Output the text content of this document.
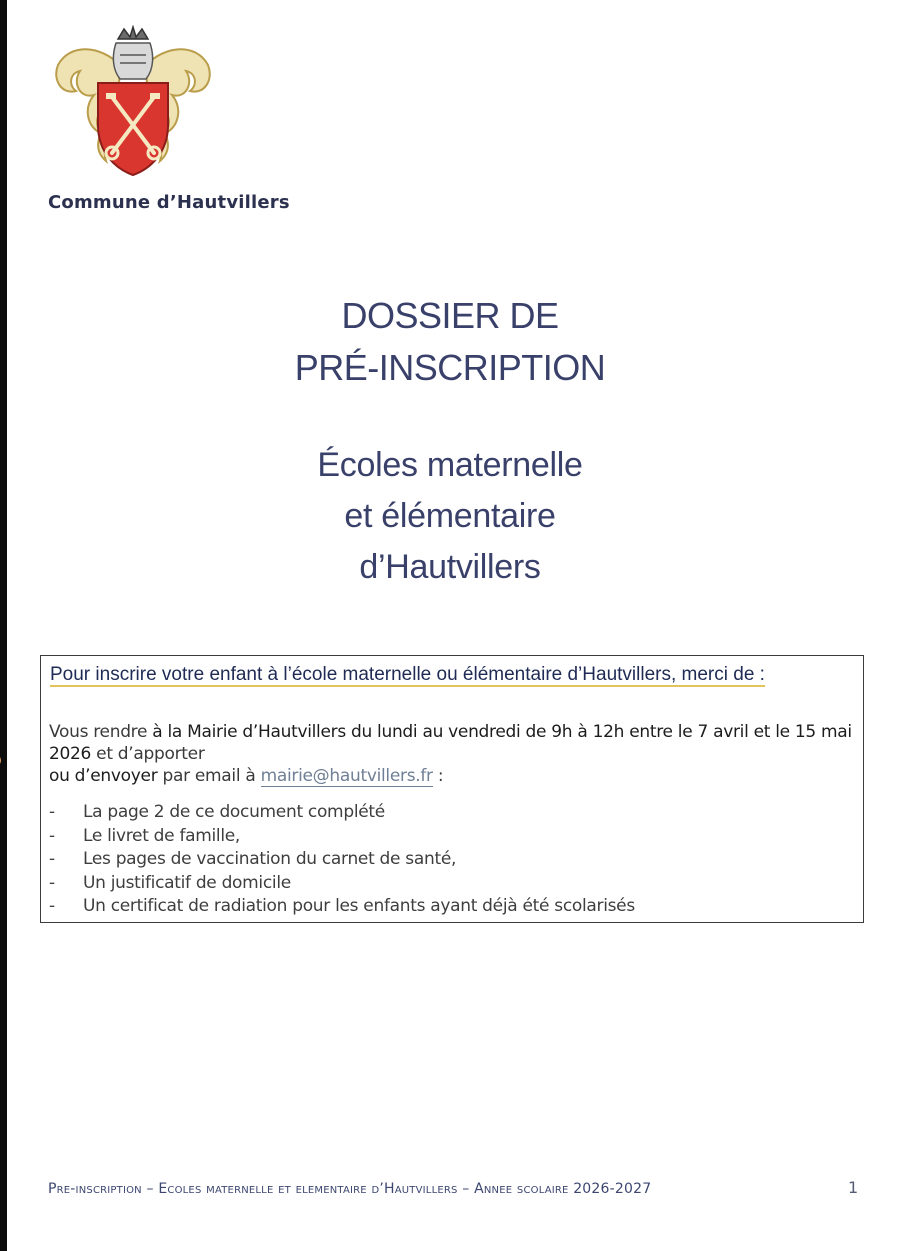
Commune d’Hautvillers
DOSSIER DE
PRÉ-INSCRIPTION
Écoles maternelle
et élémentaire
d’Hautvillers
Pour inscrire votre enfant à l’école maternelle ou élémentaire d’Hautvillers, merci de :
Vous rendre à la Mairie d’Hautvillers du lundi au vendredi de 9h à 12h entre le 7 avril et le 15 mai 2026 et d’apporter
ou d’envoyer par email à mairie@hautvillers.fr :
-	La page 2 de ce document complété
-	Le livret de famille,
-	Les pages de vaccination du carnet de santé,
-	Un justificatif de domicile
-	Un certificat de radiation pour les enfants ayant déjà été scolarisés
Pre-inscription – Ecoles maternelle et elementaire d’Hautvillers – Annee scolaire 2026-2027	1
